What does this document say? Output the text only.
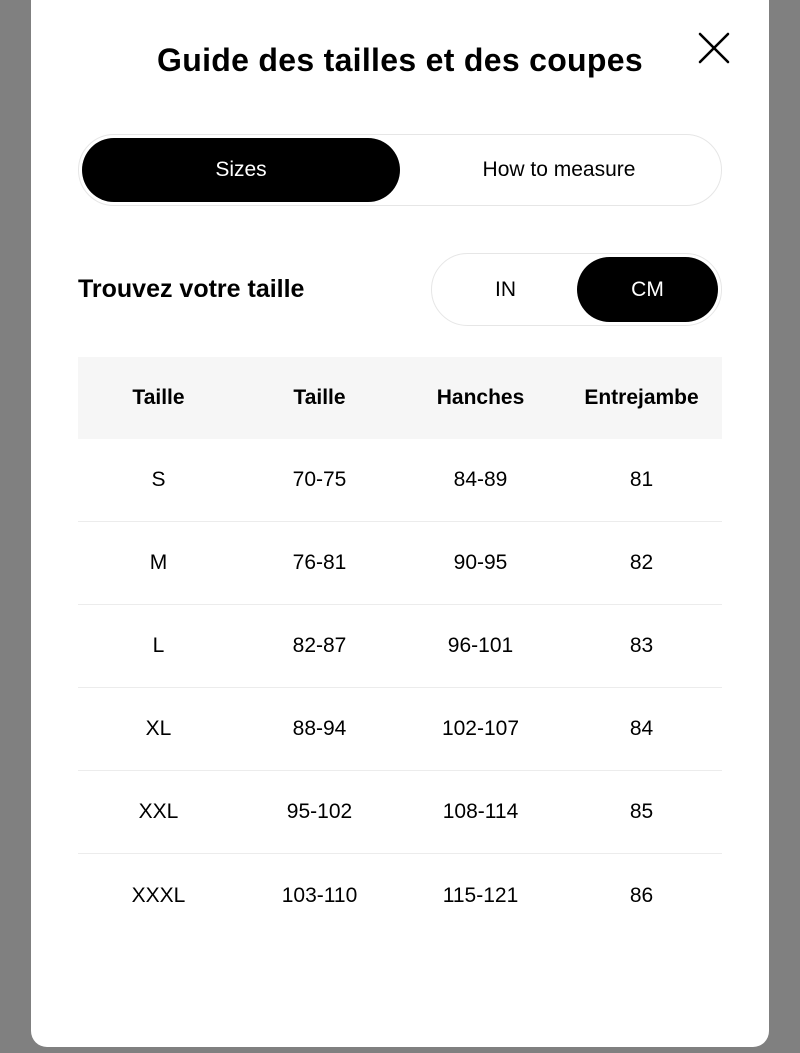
Guide des tailles et des coupes
Sizes	How to measure
Trouvez votre taille	IN	CM
Taille	Taille	Hanches	Entrejambe
S	70-75	84-89	81
M	76-81	90-95	82
L	82-87	96-101	83
XL	88-94	102-107	84
XXL	95-102	108-114	85
XXXL	103-110	115-121	86
